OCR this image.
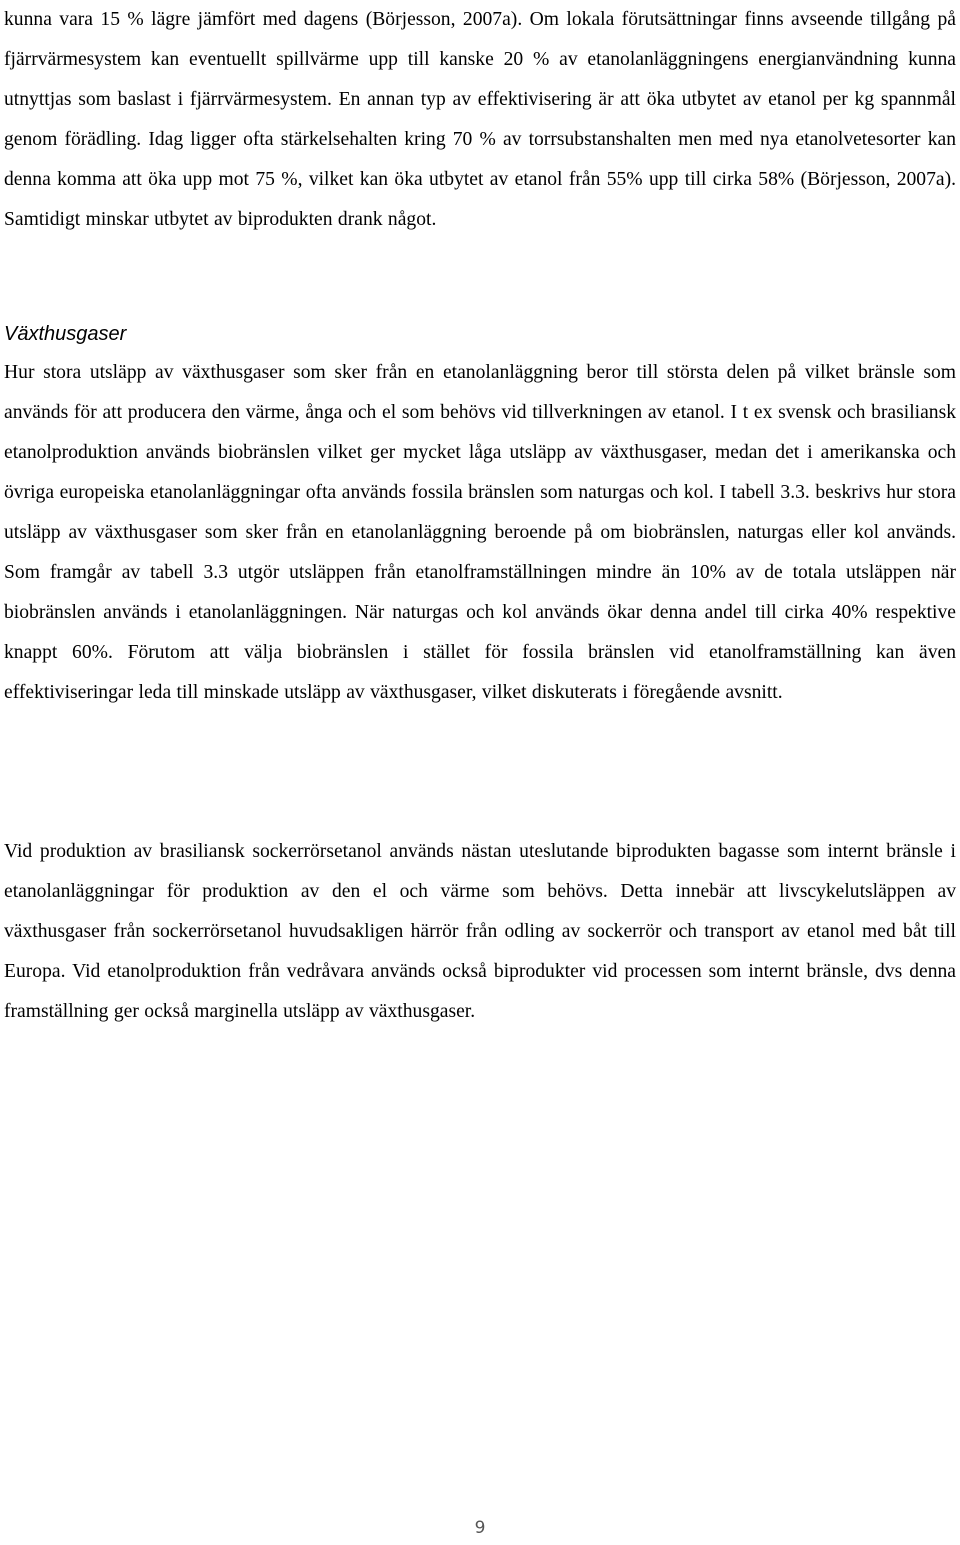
kunna vara 15 % lägre jämfört med dagens (Börjesson, 2007a). Om lokala förutsättningar finns avseende tillgång på fjärrvärmesystem kan eventuellt spillvärme upp till kanske 20 % av etanolanläggningens energianvändning kunna utnyttjas som baslast i fjärrvärmesystem. En annan typ av effektivisering är att öka utbytet av etanol per kg spannmål genom förädling. Idag ligger ofta stärkelsehalten kring 70 % av torrsubstanshalten men med nya etanolvetesorter kan denna komma att öka upp mot 75 %, vilket kan öka utbytet av etanol från 55% upp till cirka 58% (Börjesson, 2007a). Samtidigt minskar utbytet av biprodukten drank något.

Växthusgaser

Hur stora utsläpp av växthusgaser som sker från en etanolanläggning beror till största delen på vilket bränsle som används för att producera den värme, ånga och el som behövs vid tillverkningen av etanol. I t ex svensk och brasiliansk etanolproduktion används biobränslen vilket ger mycket låga utsläpp av växthusgaser, medan det i amerikanska och övriga europeiska etanolanläggningar ofta används fossila bränslen som naturgas och kol. I tabell 3.3. beskrivs hur stora utsläpp av växthusgaser som sker från en etanolanläggning beroende på om biobränslen, naturgas eller kol används. Som framgår av tabell 3.3 utgör utsläppen från etanolframställningen mindre än 10% av de totala utsläppen när biobränslen används i etanolanläggningen. När naturgas och kol används ökar denna andel till cirka 40% respektive knappt 60%. Förutom att välja biobränslen i stället för fossila bränslen vid etanolframställning kan även effektiviseringar leda till minskade utsläpp av växthusgaser, vilket diskuterats i föregående avsnitt.

Vid produktion av brasiliansk sockerrörsetanol används nästan uteslutande biprodukten bagasse som internt bränsle i etanolanläggningar för produktion av den el och värme som behövs. Detta innebär att livscykelutsläppen av växthusgaser från sockerrörsetanol huvudsakligen härrör från odling av sockerrör och transport av etanol med båt till Europa. Vid etanolproduktion från vedråvara används också biprodukter vid processen som internt bränsle, dvs denna framställning ger också marginella utsläpp av växthusgaser.

9
